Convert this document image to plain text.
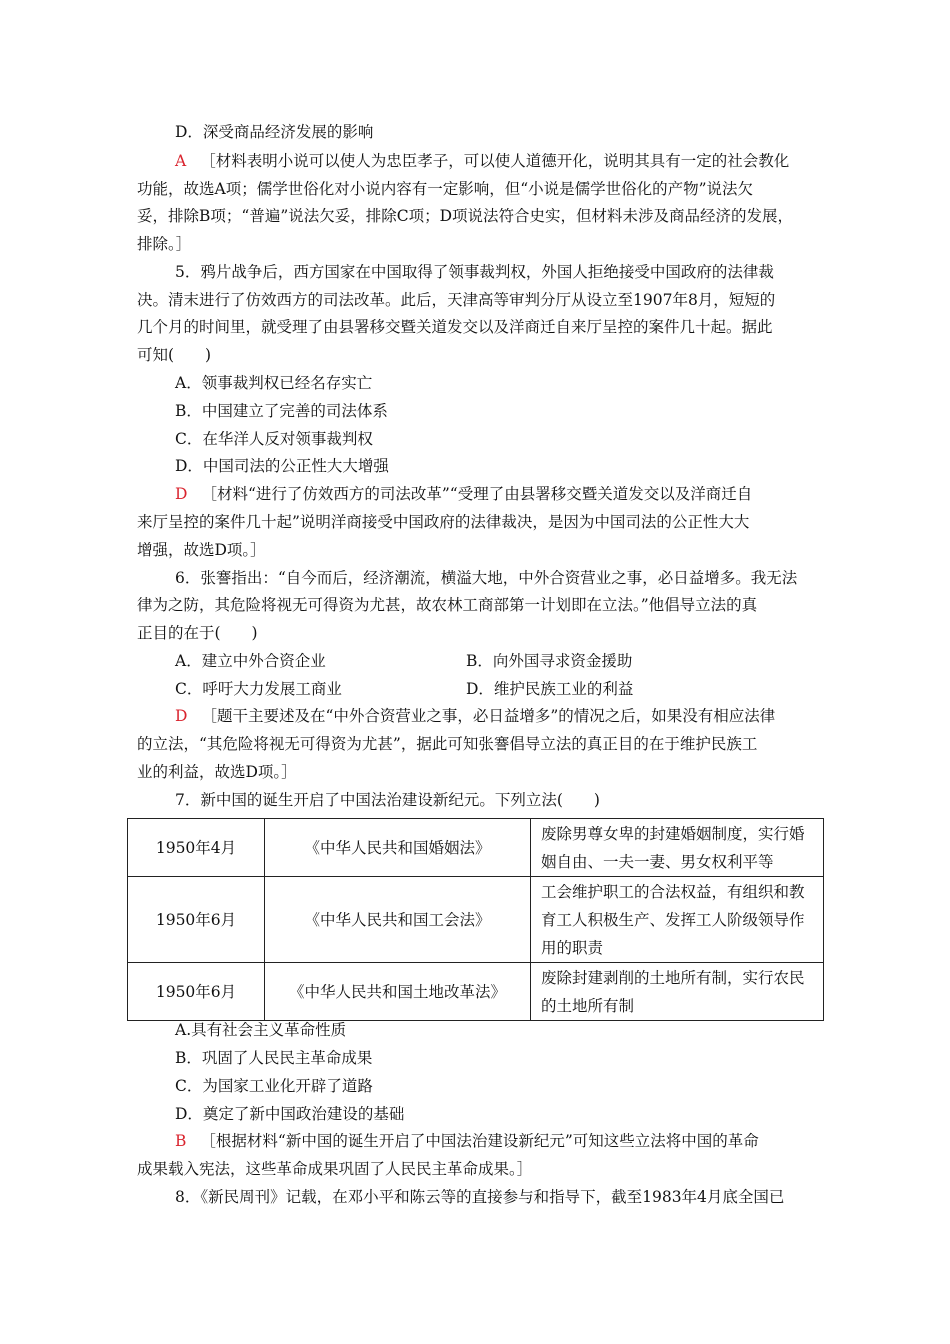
D．深受商品经济发展的影响
A ［材料表明小说可以使人为忠臣孝子，可以使人道德开化，说明其具有一定的社会教化
功能，故选A项；儒学世俗化对小说内容有一定影响，但“小说是儒学世俗化的产物”说法欠
妥，排除B项；“普遍”说法欠妥，排除C项；D项说法符合史实，但材料未涉及商品经济的发展，
排除。］
5．鸦片战争后，西方国家在中国取得了领事裁判权，外国人拒绝接受中国政府的法律裁
决。清末进行了仿效西方的司法改革。此后，天津高等审判分厅从设立至1907年8月，短短的
几个月的时间里，就受理了由县署移交暨关道发交以及洋商迁自来厅呈控的案件几十起。据此
可知(　　)
A．领事裁判权已经名存实亡
B．中国建立了完善的司法体系
C．在华洋人反对领事裁判权
D．中国司法的公正性大大增强
D ［材料“进行了仿效西方的司法改革”“受理了由县署移交暨关道发交以及洋商迁自
来厅呈控的案件几十起”说明洋商接受中国政府的法律裁决，是因为中国司法的公正性大大
增强，故选D项。］
6．张謇指出：“自今而后，经济潮流，横溢大地，中外合资营业之事，必日益增多。我无法
律为之防，其危险将视无可得资为尤甚，故农林工商部第一计划即在立法。”他倡导立法的真
正目的在于(　　)
A．建立中外合资企业	B．向外国寻求资金援助
C．呼吁大力发展工商业	D．维护民族工业的利益
D ［题干主要述及在“中外合资营业之事，必日益增多”的情况之后，如果没有相应法律
的立法，“其危险将视无可得资为尤甚”，据此可知张謇倡导立法的真正目的在于维护民族工
业的利益，故选D项。］
7．新中国的诞生开启了中国法治建设新纪元。下列立法(　　)
1950年4月	《中华人民共和国婚姻法》	废除男尊女卑的封建婚姻制度，实行婚姻自由、一夫一妻、男女权利平等

1950年6月	《中华人民共和国工会法》	工会维护职工的合法权益，有组织和教育工人积极生产、发挥工人阶级领导作用的职责

1950年6月	《中华人民共和国土地改革法》	废除封建剥削的土地所有制，实行农民的土地所有制
A.具有社会主义革命性质
B．巩固了人民民主革命成果
C．为国家工业化开辟了道路
D．奠定了新中国政治建设的基础
B ［根据材料“新中国的诞生开启了中国法治建设新纪元”可知这些立法将中国的革命
成果载入宪法，这些革命成果巩固了人民民主革命成果。］
8．《新民周刊》记载，在邓小平和陈云等的直接参与和指导下，截至1983年4月底全国已
